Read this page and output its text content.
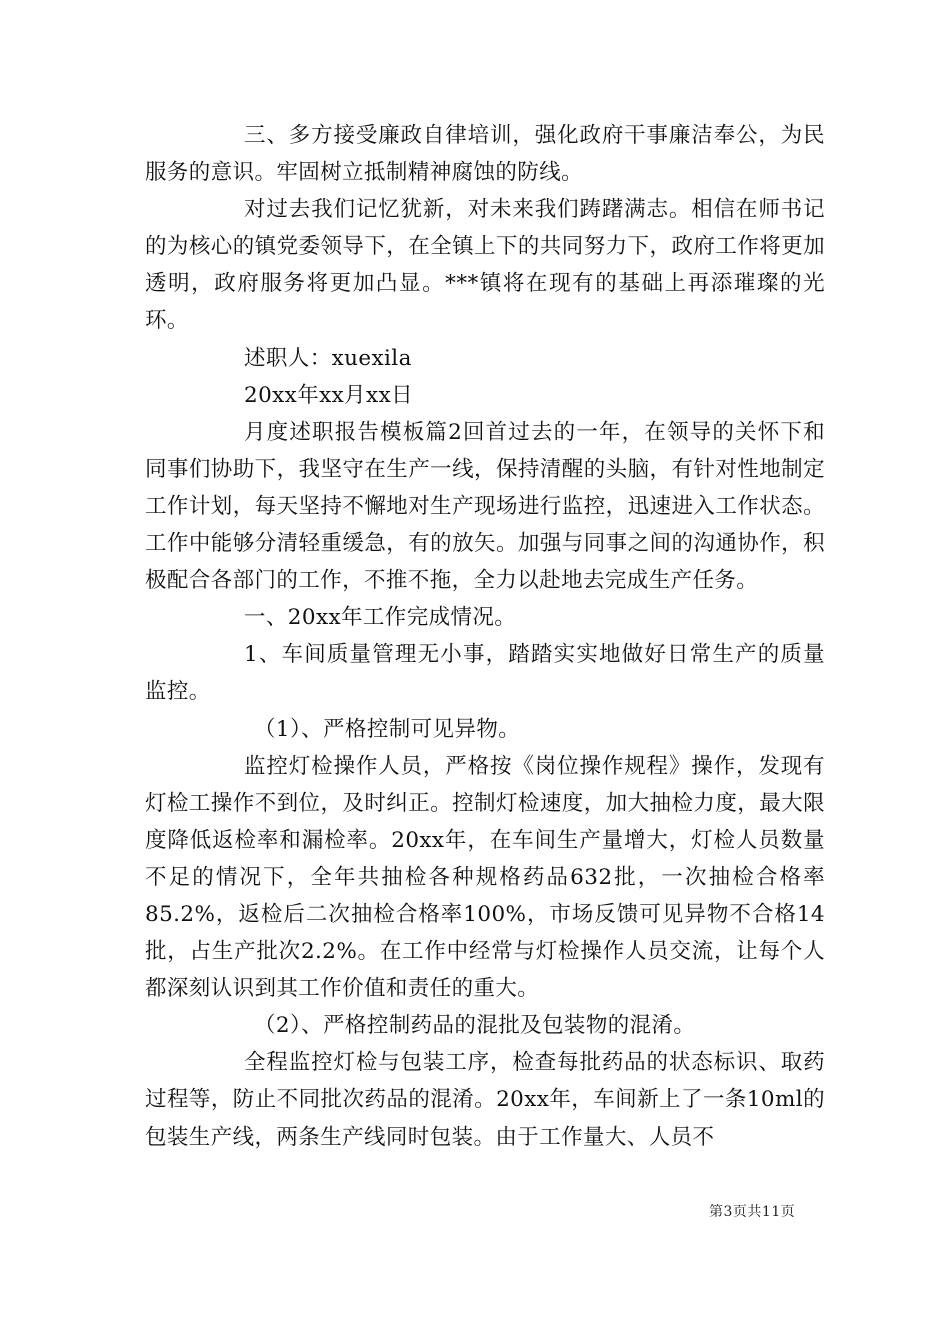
三、多方接受廉政自律培训，强化政府干事廉洁奉公，为民服务的意识。牢固树立抵制精神腐蚀的防线。

对过去我们记忆犹新，对未来我们踌躇满志。相信在师书记的为核心的镇党委领导下，在全镇上下的共同努力下，政府工作将更加透明，政府服务将更加凸显。***镇将在现有的基础上再添璀璨的光环。

述职人：xuexila

20xx年xx月xx日

月度述职报告模板篇2回首过去的一年，在领导的关怀下和同事们协助下，我坚守在生产一线，保持清醒的头脑，有针对性地制定工作计划，每天坚持不懈地对生产现场进行监控，迅速进入工作状态。工作中能够分清轻重缓急，有的放矢。加强与同事之间的沟通协作，积极配合各部门的工作，不推不拖，全力以赴地去完成生产任务。

一、20xx年工作完成情况。

1、车间质量管理无小事，踏踏实实地做好日常生产的质量监控。

（1）、严格控制可见异物。

监控灯检操作人员，严格按《岗位操作规程》操作，发现有灯检工操作不到位，及时纠正。控制灯检速度，加大抽检力度，最大限度降低返检率和漏检率。20xx年，在车间生产量增大，灯检人员数量不足的情况下，全年共抽检各种规格药品632批，一次抽检合格率85.2%，返检后二次抽检合格率100%，市场反馈可见异物不合格14批，占生产批次2.2%。在工作中经常与灯检操作人员交流，让每个人都深刻认识到其工作价值和责任的重大。

（2）、严格控制药品的混批及包装物的混淆。

全程监控灯检与包装工序，检查每批药品的状态标识、取药过程等，防止不同批次药品的混淆。20xx年，车间新上了一条10ml的包装生产线，两条生产线同时包装。由于工作量大、人员不

第3页共11页
